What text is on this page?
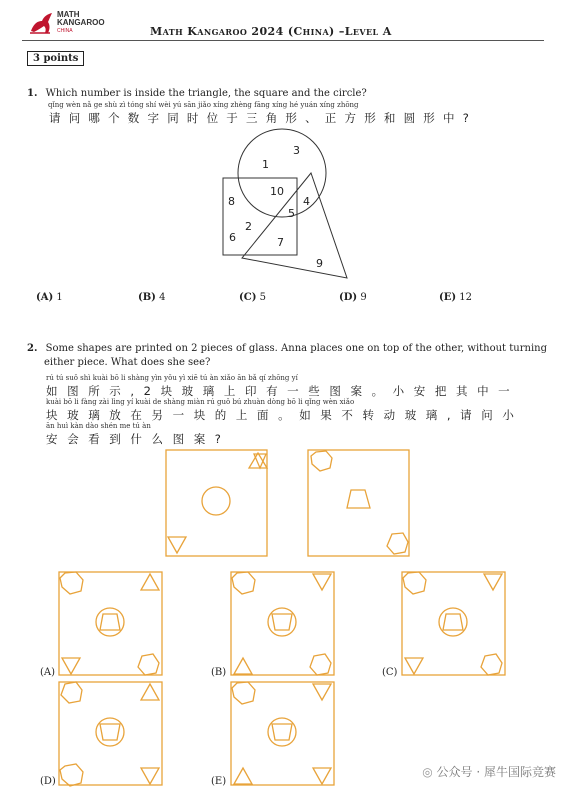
MATH
KANGAROO
CHINA	Math Kangaroo 2024 (China) –Level A
3 points
1. Which number is inside the triangle, the square and the circle?
qǐng wèn nǎ ge shù zì tóng shí wèi yú sān jiǎo xíng zhèng fāng xíng hé yuán xíng zhōng
请问哪个数字同时位于三角形、正方形和圆形中?
1
3
10
8
5
4
2
6	7
9
(A) 1	(B) 4	(C) 5	(D) 9	(E) 12
2. Some shapes are printed on 2 pieces of glass. Anna places one on top of the other, without turning
either piece. What does she see?
rú tú suǒ shì kuài bō li shàng yìn yǒu yì xiē tú àn xiǎo ān bǎ qí zhōng yí
如图所示,2块玻璃上印有一些图案。小安把其中一
kuài bō li fàng zài lìng yí kuài de shàng miàn rú guǒ bú zhuàn dòng bō li qǐng wèn xiǎo
块玻璃放在另一块的上面。如果不转动玻璃,请问小
ān huì kàn dào shén me tú àn
安会看到什么图案?
(A)	(B)	(C)
(D)	(E)
◎ 公众号 · 犀牛国际竞赛
